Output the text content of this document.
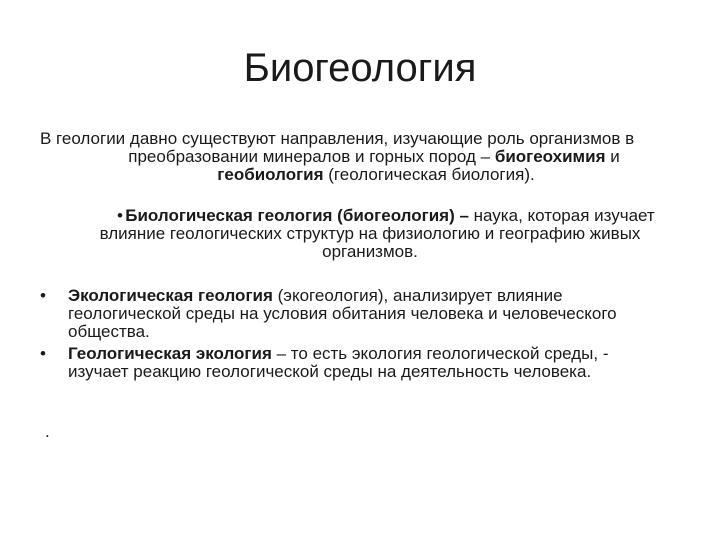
Биогеология
В геологии давно существуют направления, изучающие роль организмов в
преобразовании минералов и горных пород – биогеохимия и
геобиология (геологическая биология).
• Биологическая геология (биогеология) – наука, которая изучает влияние геологических структур на физиологию и географию живых организмов.
• Экологическая геология (экогеология), анализирует влияние геологической среды на условия обитания человека и человеческого общества.
• Геологическая экология – то есть экология геологической среды, - изучает реакцию геологической среды на деятельность человека.
.
